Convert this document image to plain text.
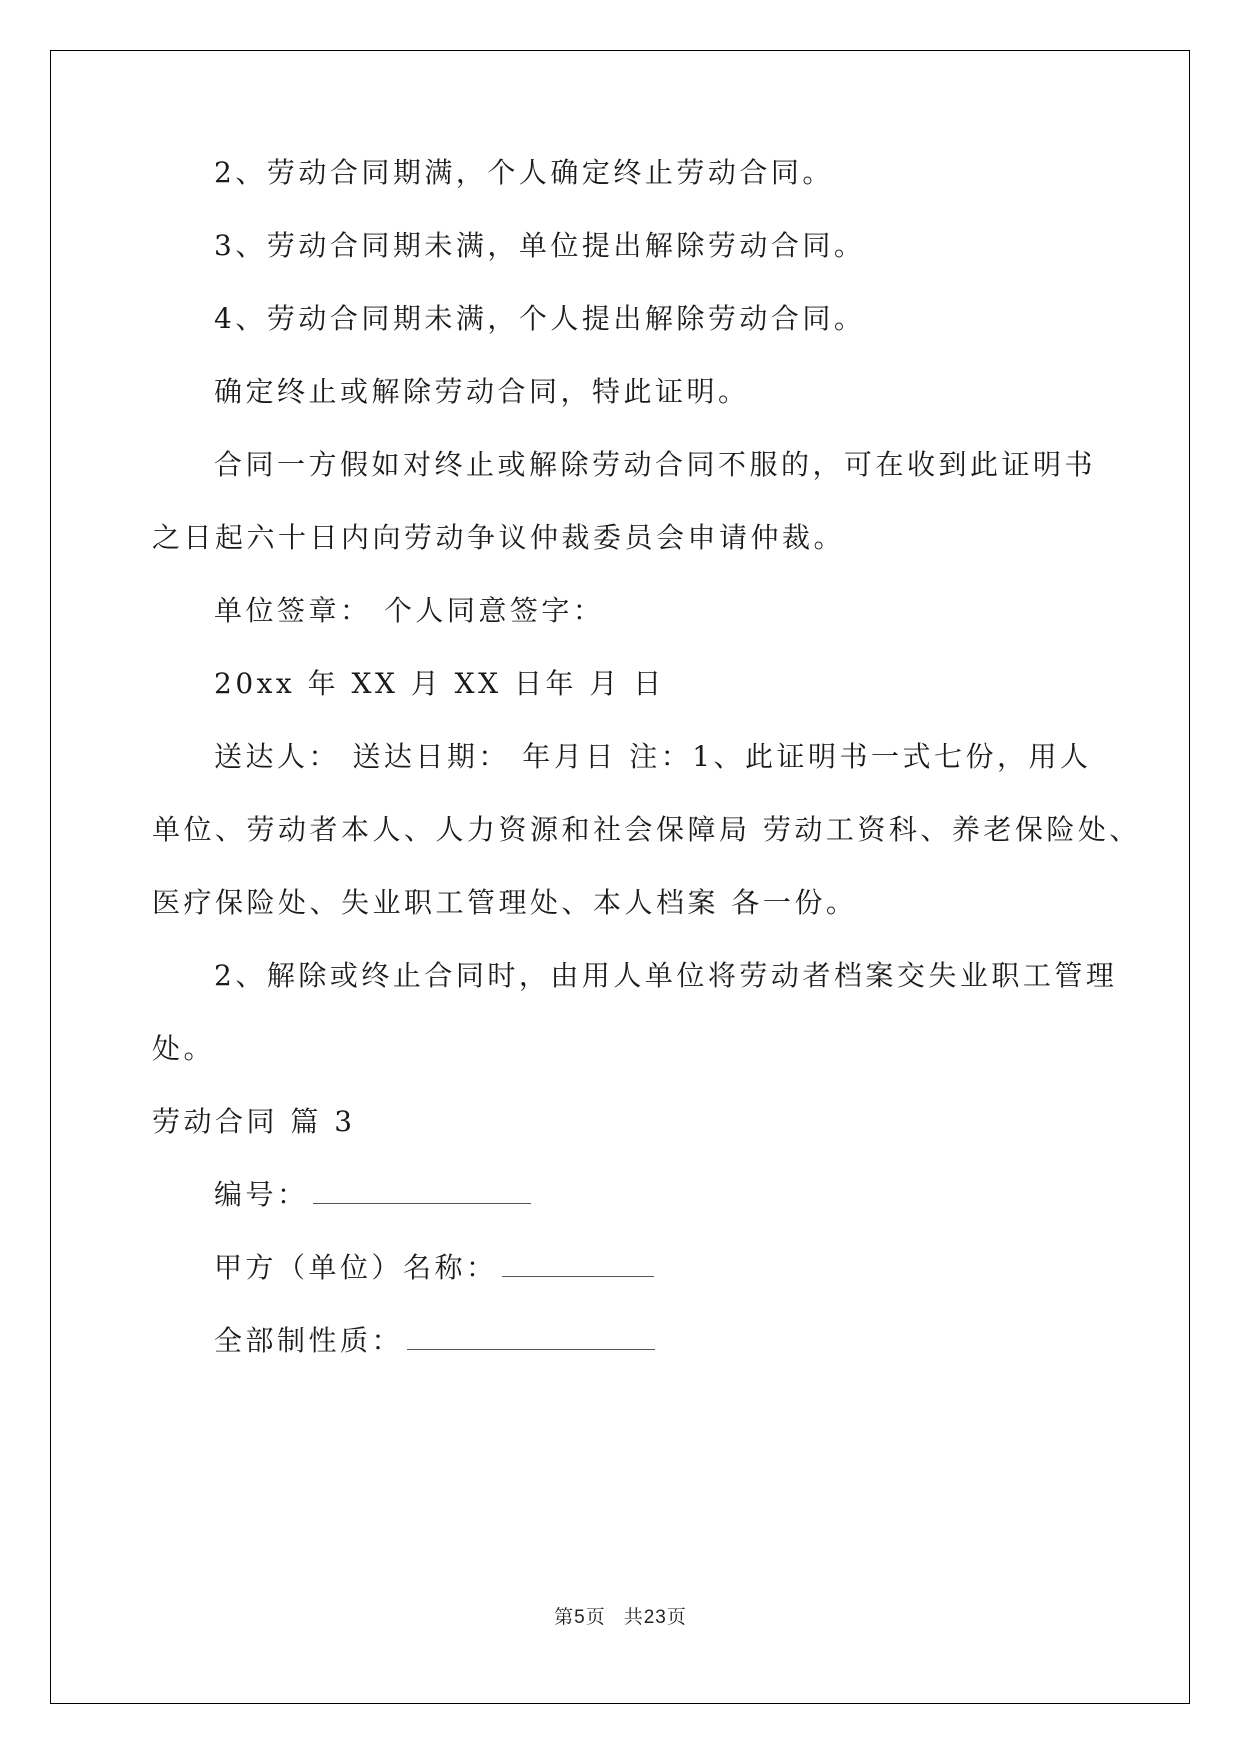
2、劳动合同期满，个人确定终止劳动合同。

3、劳动合同期未满，单位提出解除劳动合同。

4、劳动合同期未满，个人提出解除劳动合同。

确定终止或解除劳动合同，特此证明。

合同一方假如对终止或解除劳动合同不服的，可在收到此证明书

之日起六十日内向劳动争议仲裁委员会申请仲裁。

单位签章： 个人同意签字：

20xx 年 XX 月 XX 日年 月 日

送达人： 送达日期： 年月日 注：1、此证明书一式七份，用人

单位、劳动者本人、人力资源和社会保障局 劳动工资科、养老保险处、

医疗保险处、失业职工管理处、本人档案 各一份。

2、解除或终止合同时，由用人单位将劳动者档案交失业职工管理

处。

劳动合同 篇 3

编号：

甲方（单位）名称：

全部制性质：

第5页 共23页
